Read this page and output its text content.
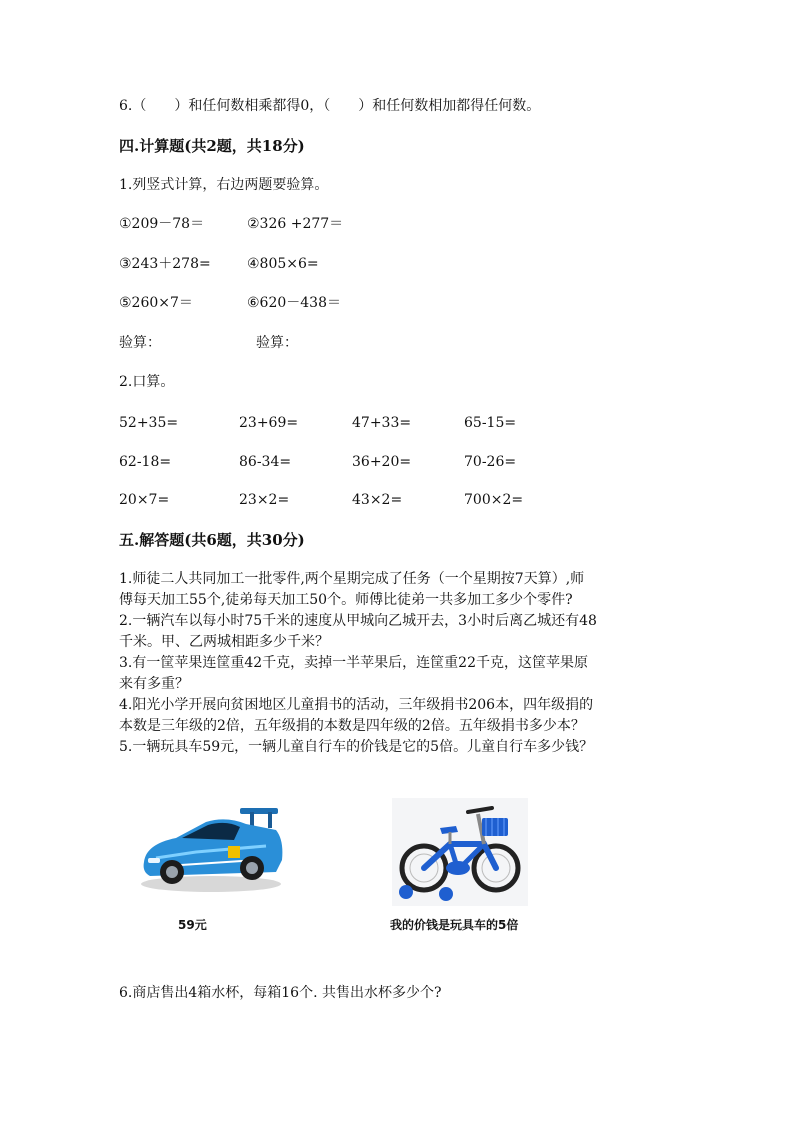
6.（　　）和任何数相乘都得0，（　　）和任何数相加都得任何数。
四.计算题(共2题，共18分)
1.列竖式计算，右边两题要验算。
①209－78＝	②326 +277＝
③243＋278=	④805×6=
⑤260×7＝	⑥620－438＝
验算：	验算：
2.口算。
52+35=	23+69=	47+33=	65-15=
62-18=	86-34=	36+20=	70-26=
20×7=	23×2=	43×2=	700×2=
五.解答题(共6题，共30分)
1.师徒二人共同加工一批零件,两个星期完成了任务（一个星期按7天算）,师
傅每天加工55个,徒弟每天加工50个。师傅比徒弟一共多加工多少个零件?
2.一辆汽车以每小时75千米的速度从甲城向乙城开去，3小时后离乙城还有48
千米。甲、乙两城相距多少千米？
3.有一筐苹果连筐重42千克，卖掉一半苹果后，连筐重22千克，这筐苹果原
来有多重？
4.阳光小学开展向贫困地区儿童捐书的活动，三年级捐书206本，四年级捐的
本数是三年级的2倍，五年级捐的本数是四年级的2倍。五年级捐书多少本？
5.一辆玩具车59元，一辆儿童自行车的价钱是它的5倍。儿童自行车多少钱？
59元	我的价钱是玩具车的5倍
6.商店售出4箱水杯，每箱16个. 共售出水杯多少个?
